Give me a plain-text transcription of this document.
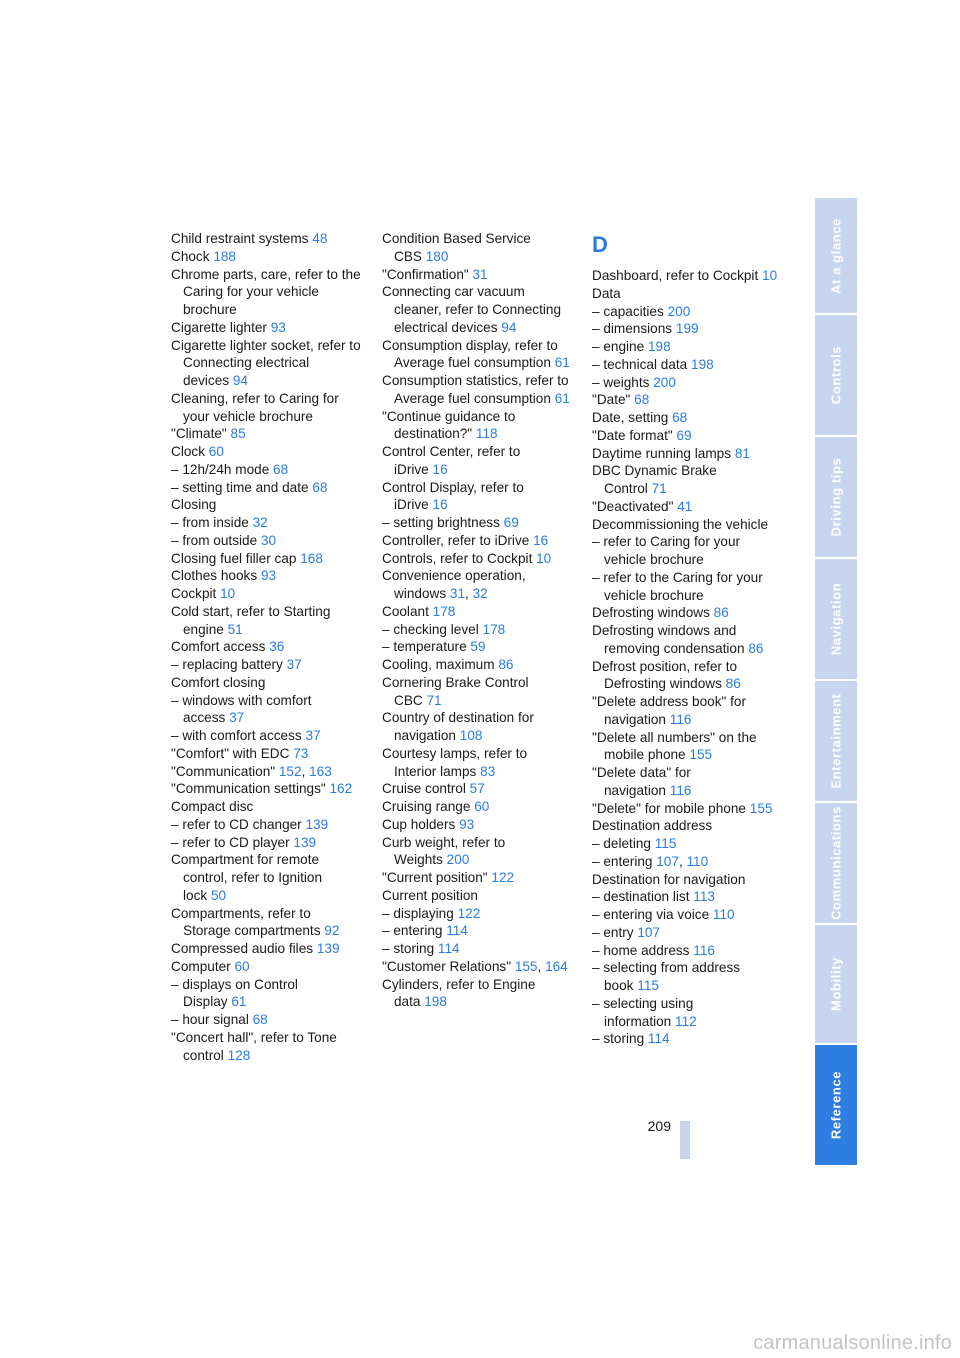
Child restraint systems 48
Chock 188
Chrome parts, care, refer to the Caring for your vehicle brochure
Cigarette lighter 93
Cigarette lighter socket, refer to Connecting electrical devices 94
Cleaning, refer to Caring for your vehicle brochure
"Climate" 85
Clock 60
– 12h/24h mode 68
– setting time and date 68
Closing
– from inside 32
– from outside 30
Closing fuel filler cap 168
Clothes hooks 93
Cockpit 10
Cold start, refer to Starting engine 51
Comfort access 36
– replacing battery 37
Comfort closing
– windows with comfort access 37
– with comfort access 37
"Comfort" with EDC 73
"Communication" 152, 163
"Communication settings" 162
Compact disc
– refer to CD changer 139
– refer to CD player 139
Compartment for remote control, refer to Ignition lock 50
Compartments, refer to Storage compartments 92
Compressed audio files 139
Computer 60
– displays on Control Display 61
– hour signal 68
"Concert hall", refer to Tone control 128
Condition Based Service CBS 180
"Confirmation" 31
Connecting car vacuum cleaner, refer to Connecting electrical devices 94
Consumption display, refer to Average fuel consumption 61
Consumption statistics, refer to Average fuel consumption 61
"Continue guidance to destination?" 118
Control Center, refer to iDrive 16
Control Display, refer to iDrive 16
– setting brightness 69
Controller, refer to iDrive 16
Controls, refer to Cockpit 10
Convenience operation, windows 31, 32
Coolant 178
– checking level 178
– temperature 59
Cooling, maximum 86
Cornering Brake Control CBC 71
Country of destination for navigation 108
Courtesy lamps, refer to Interior lamps 83
Cruise control 57
Cruising range 60
Cup holders 93
Curb weight, refer to Weights 200
"Current position" 122
Current position
– displaying 122
– entering 114
– storing 114
"Customer Relations" 155, 164
Cylinders, refer to Engine data 198
D
Dashboard, refer to Cockpit 10
Data
– capacities 200
– dimensions 199
– engine 198
– technical data 198
– weights 200
"Date" 68
Date, setting 68
"Date format" 69
Daytime running lamps 81
DBC Dynamic Brake Control 71
"Deactivated" 41
Decommissioning the vehicle
– refer to Caring for your vehicle brochure
– refer to the Caring for your vehicle brochure
Defrosting windows 86
Defrosting windows and removing condensation 86
Defrost position, refer to Defrosting windows 86
"Delete address book" for navigation 116
"Delete all numbers" on the mobile phone 155
"Delete data" for navigation 116
"Delete" for mobile phone 155
Destination address
– deleting 115
– entering 107, 110
Destination for navigation
– destination list 113
– entering via voice 110
– entry 107
– home address 116
– selecting from address book 115
– selecting using information 112
– storing 114
At a glance
Controls
Driving tips
Navigation
Entertainment
Communications
Mobility
Reference
209
carmanualsonline.info
